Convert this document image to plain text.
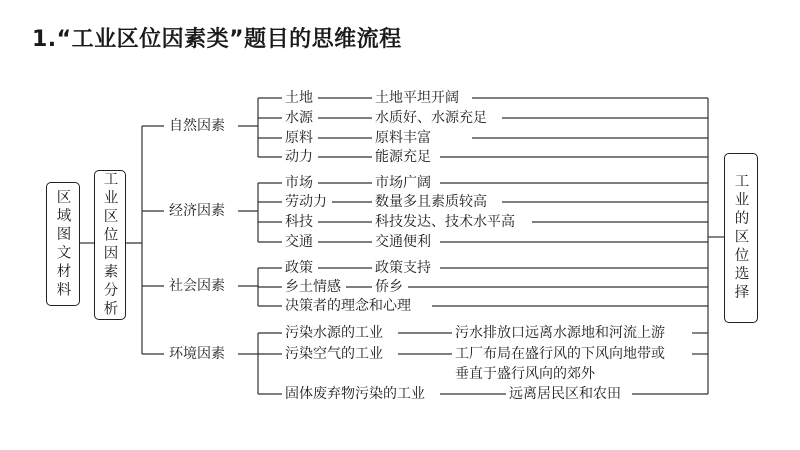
1.“工业区位因素类”题目的思维流程
区域图文材料 工业区位因素分析	工业的区位选择
自然因素
经济因素
社会因素
环境因素
土地	土地平坦开阔
水源	水质好、水源充足
原料	原料丰富
动力	能源充足
市场	市场广阔
劳动力	数量多且素质较高
科技	科技发达、技术水平高
交通	交通便利
政策	政策支持
乡土情感 侨乡
决策者的理念和心理
污染水源的工业	污水排放口远离水源地和河流上游
污染空气的工业	工厂布局在盛行风的下风向地带或
垂直于盛行风向的郊外
固体废弃物污染的工业	远离居民区和农田
